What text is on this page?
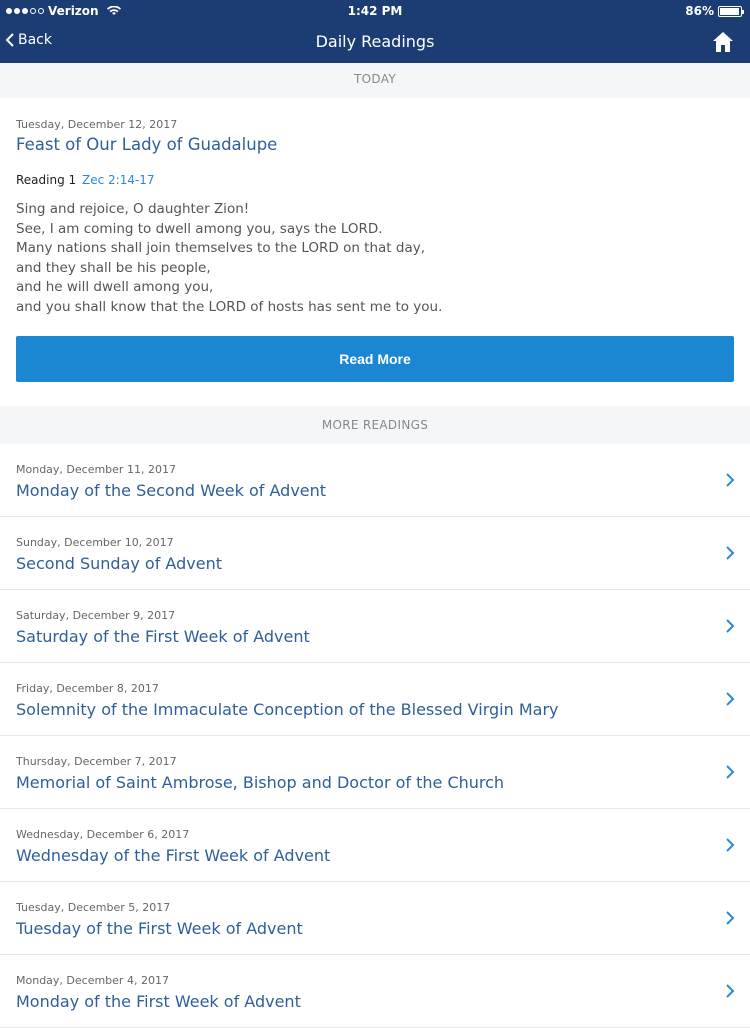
Verizon	1:42 PM	86%
Back	Daily Readings
TODAY
Tuesday, December 12, 2017
Feast of Our Lady of Guadalupe
Reading 1 Zec 2:14-17
Sing and rejoice, O daughter Zion!
See, I am coming to dwell among you, says the LORD.
Many nations shall join themselves to the LORD on that day,
and they shall be his people,
and he will dwell among you,
and you shall know that the LORD of hosts has sent me to you.
Read More
MORE READINGS
Monday, December 11, 2017
Monday of the Second Week of Advent
Sunday, December 10, 2017
Second Sunday of Advent
Saturday, December 9, 2017
Saturday of the First Week of Advent
Friday, December 8, 2017
Solemnity of the Immaculate Conception of the Blessed Virgin Mary
Thursday, December 7, 2017
Memorial of Saint Ambrose, Bishop and Doctor of the Church
Wednesday, December 6, 2017
Wednesday of the First Week of Advent
Tuesday, December 5, 2017
Tuesday of the First Week of Advent
Monday, December 4, 2017
Monday of the First Week of Advent
